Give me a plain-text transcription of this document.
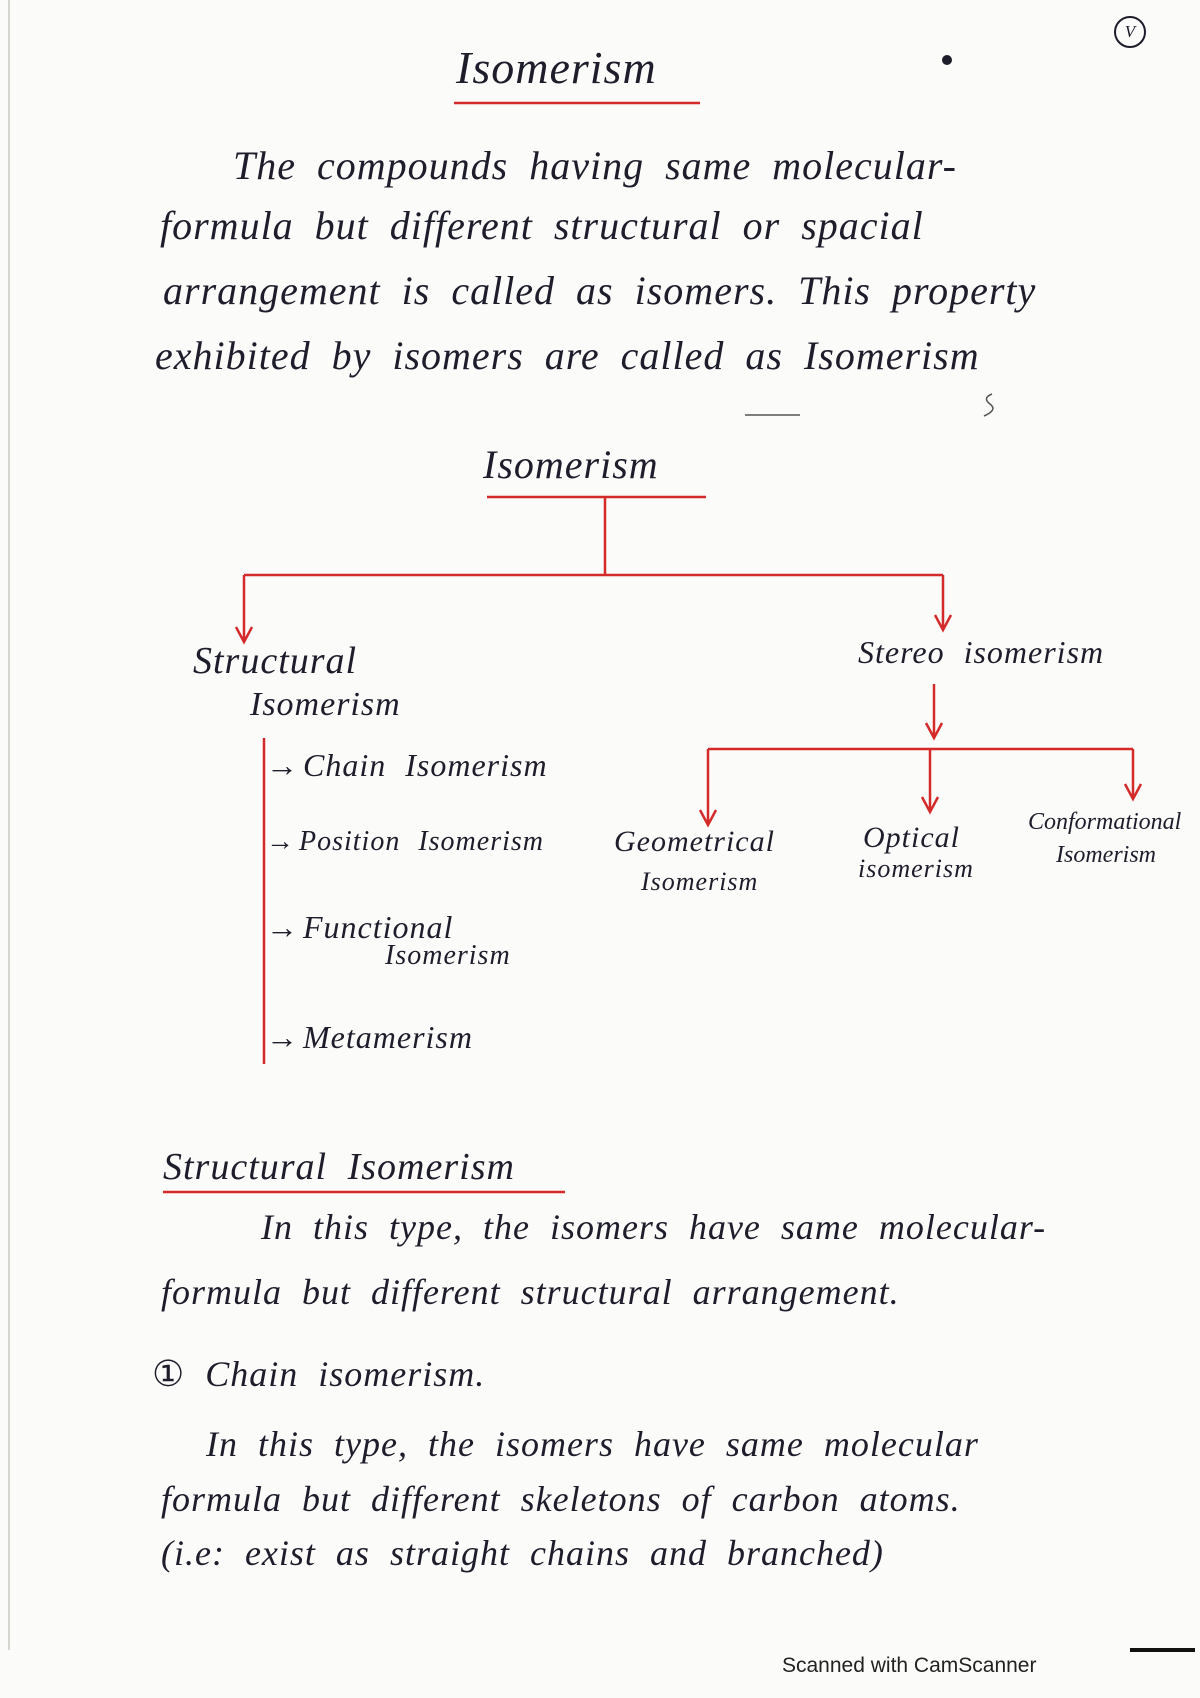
V
Isomerism
The compounds having same molecular-
formula but different structural or spacial
arrangement is called as isomers. This property
exhibited by isomers are called as Isomerism
Isomerism
Structural
Isomerism
→ Chain Isomerism
→ Position Isomerism
→ Functional
Isomerism
→ Metamerism
Stereo isomerism
Geometrical
Isomerism
Optical
isomerism
Conformational
Isomerism
Structural Isomerism
In this type, the isomers have same molecular-
formula but different structural arrangement.
① Chain isomerism.
In this type, the isomers have same molecular
formula but different skeletons of carbon atoms.
(i.e: exist as straight chains and branched)
Scanned with CamScanner
